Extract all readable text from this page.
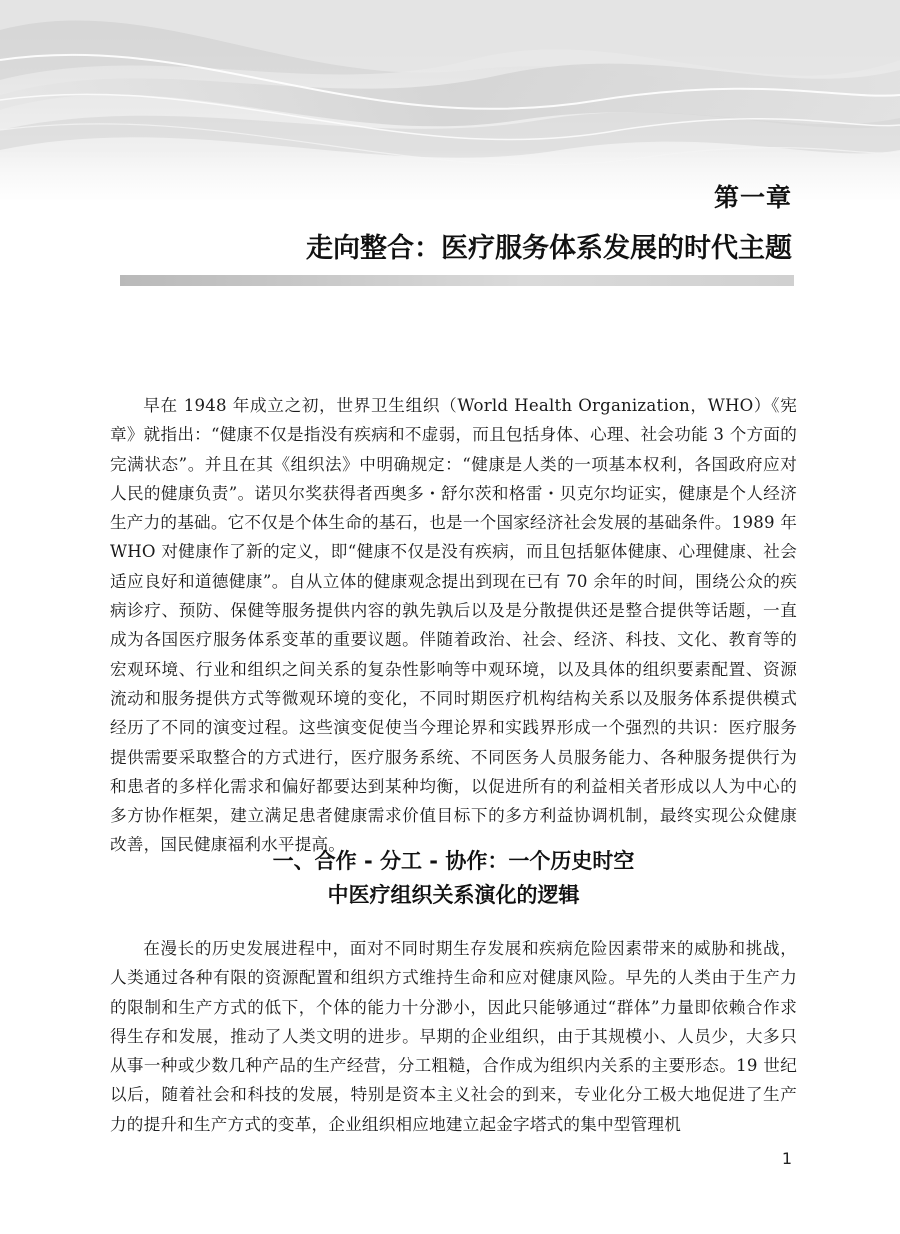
第一章
走向整合：医疗服务体系发展的时代主题

早在 1948 年成立之初，世界卫生组织（World Health Organization，WHO）《宪章》就指出：“健康不仅是指没有疾病和不虚弱，而且包括身体、心理、社会功能 3 个方面的完满状态”。并且在其《组织法》中明确规定：“健康是人类的一项基本权利，各国政府应对人民的健康负责”。诺贝尔奖获得者西奥多・舒尔茨和格雷・贝克尔均证实，健康是个人经济生产力的基础。它不仅是个体生命的基石，也是一个国家经济社会发展的基础条件。1989 年 WHO 对健康作了新的定义，即“健康不仅是没有疾病，而且包括躯体健康、心理健康、社会适应良好和道德健康”。自从立体的健康观念提出到现在已有 70 余年的时间，围绕公众的疾病诊疗、预防、保健等服务提供内容的孰先孰后以及是分散提供还是整合提供等话题，一直成为各国医疗服务体系变革的重要议题。伴随着政治、社会、经济、科技、文化、教育等的宏观环境、行业和组织之间关系的复杂性影响等中观环境，以及具体的组织要素配置、资源流动和服务提供方式等微观环境的变化，不同时期医疗机构结构关系以及服务体系提供模式经历了不同的演变过程。这些演变促使当今理论界和实践界形成一个强烈的共识：医疗服务提供需要采取整合的方式进行，医疗服务系统、不同医务人员服务能力、各种服务提供行为和患者的多样化需求和偏好都要达到某种均衡，以促进所有的利益相关者形成以人为中心的多方协作框架，建立满足患者健康需求价值目标下的多方利益协调机制，最终实现公众健康改善，国民健康福利水平提高。

一、合作 - 分工 - 协作：一个历史时空
中医疗组织关系演化的逻辑

在漫长的历史发展进程中，面对不同时期生存发展和疾病危险因素带来的威胁和挑战，人类通过各种有限的资源配置和组织方式维持生命和应对健康风险。早先的人类由于生产力的限制和生产方式的低下，个体的能力十分渺小，因此只能够通过“群体”力量即依赖合作求得生存和发展，推动了人类文明的进步。早期的企业组织，由于其规模小、人员少，大多只从事一种或少数几种产品的生产经营，分工粗糙，合作成为组织内关系的主要形态。19 世纪以后，随着社会和科技的发展，特别是资本主义社会的到来，专业化分工极大地促进了生产力的提升和生产方式的变革，企业组织相应地建立起金字塔式的集中型管理机

1
